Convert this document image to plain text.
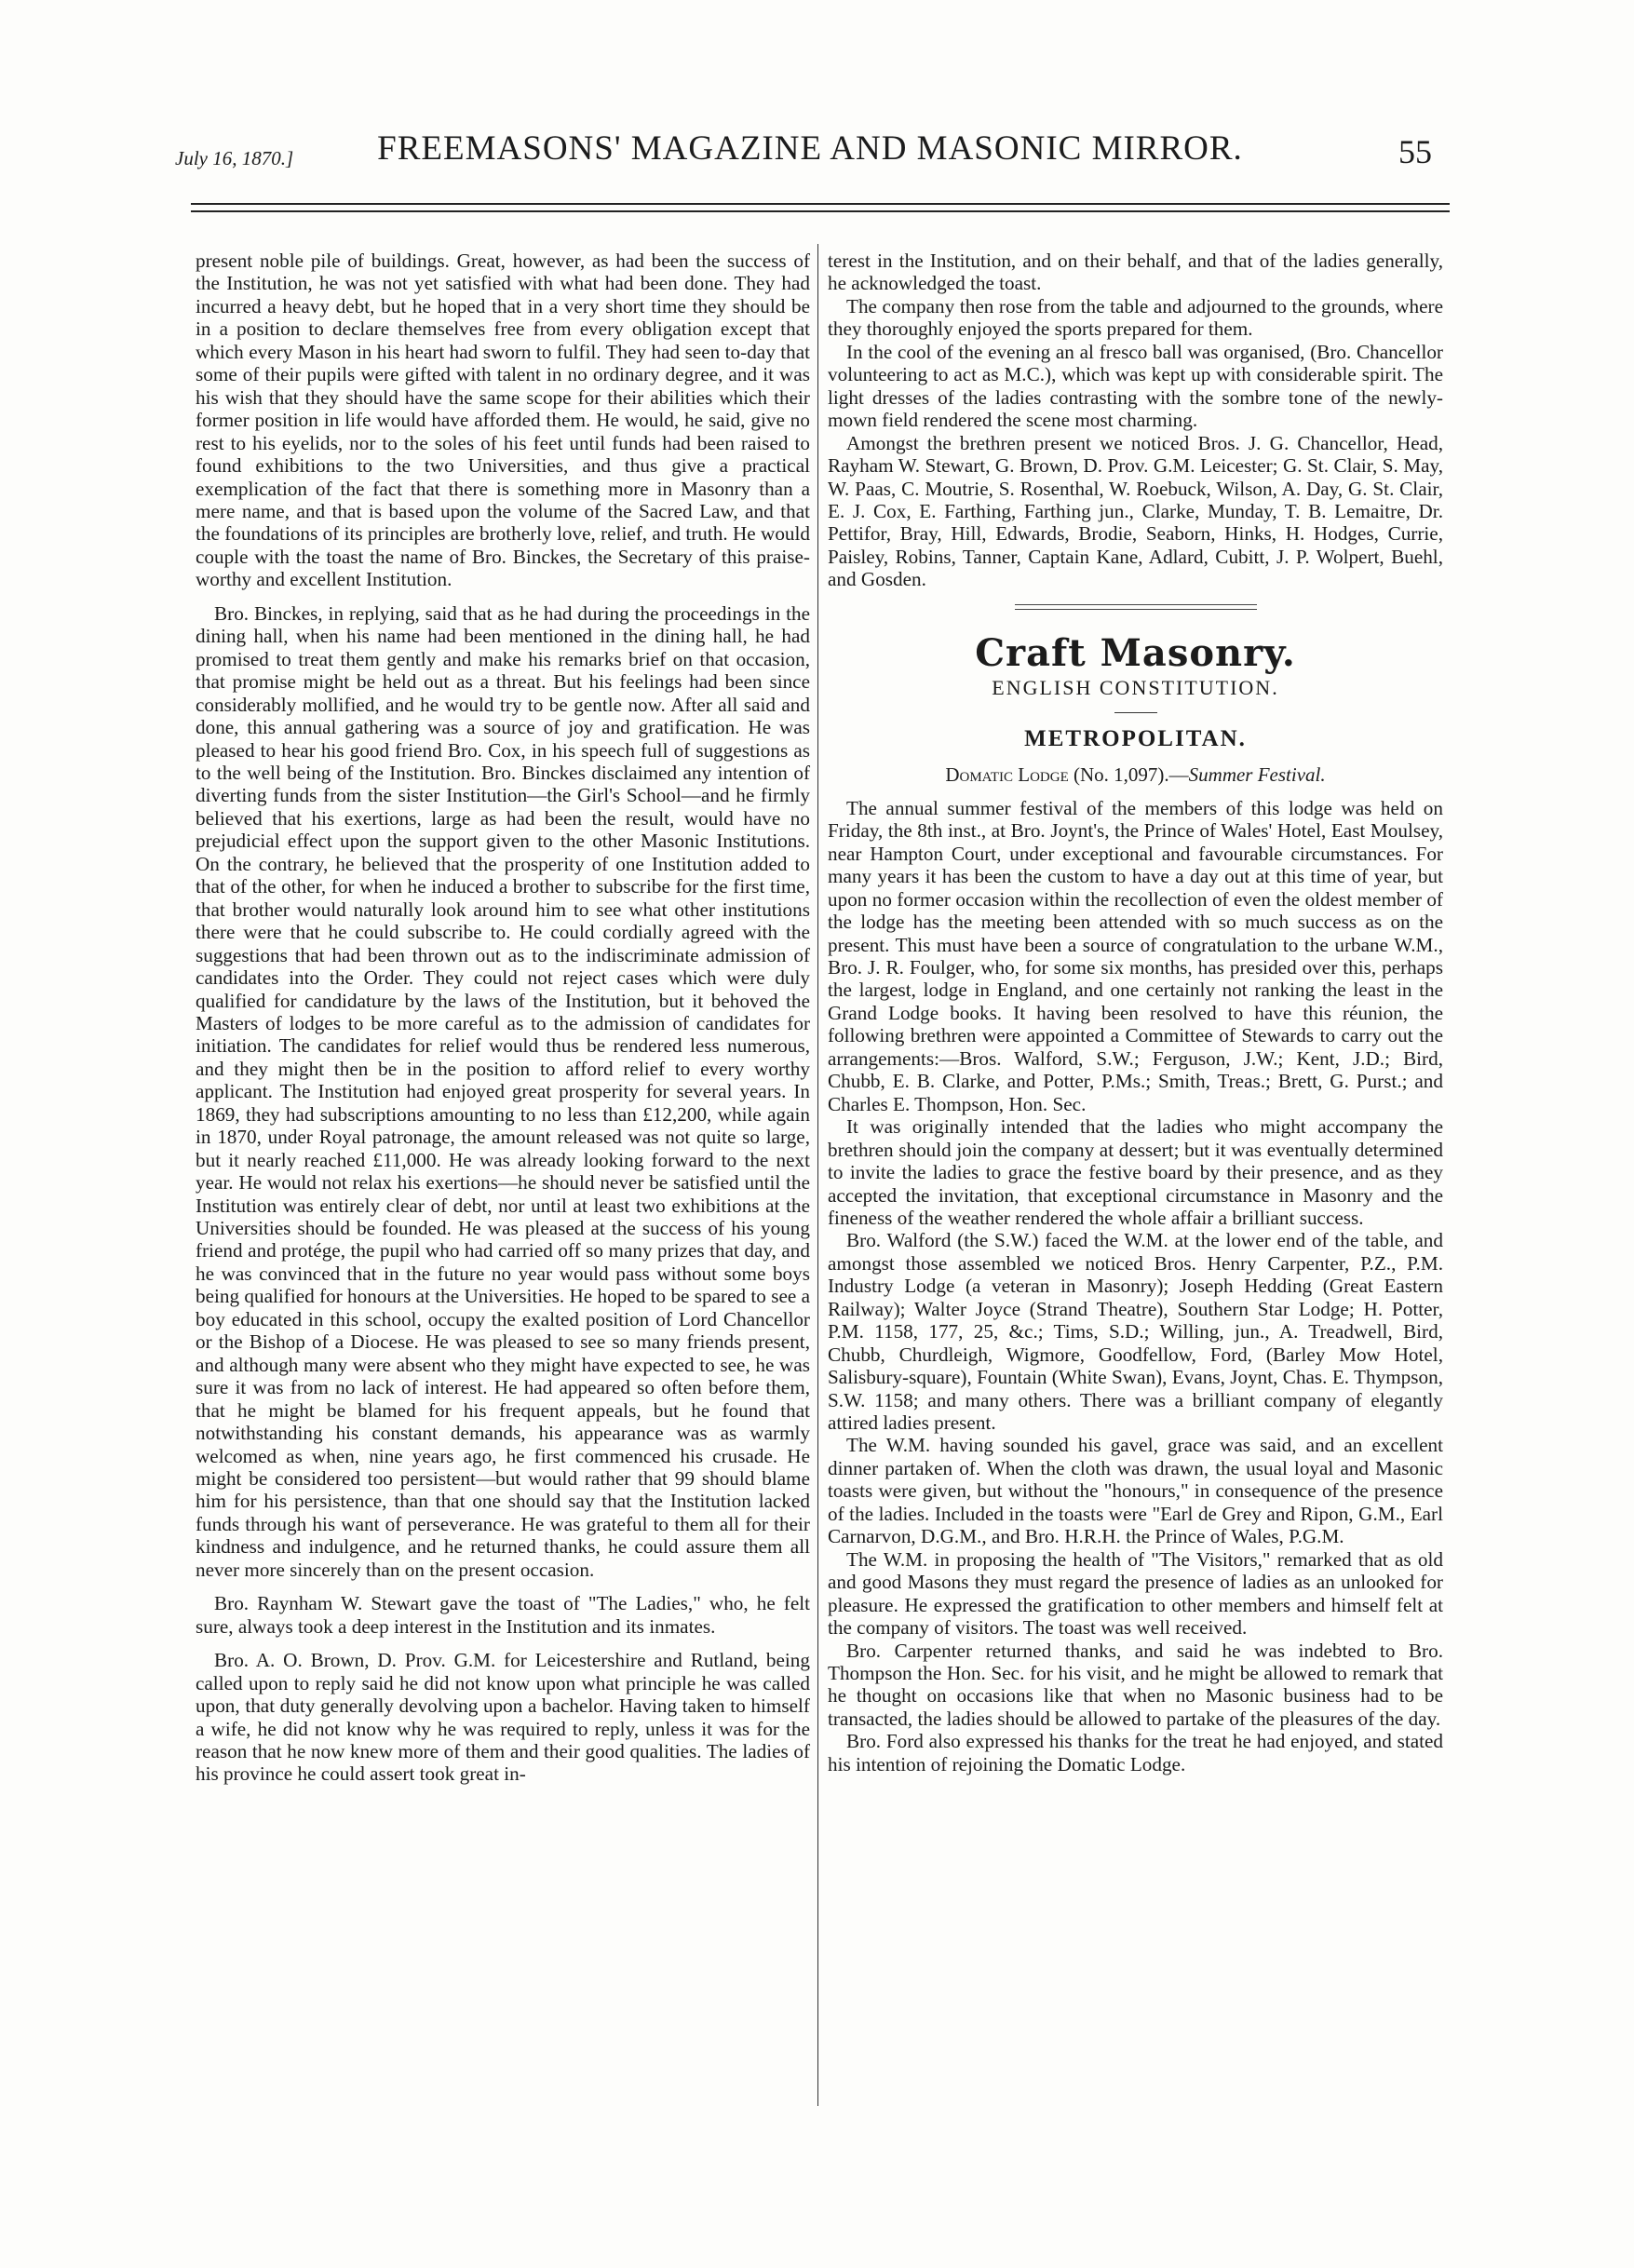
July 16, 1870.]	FREEMASONS' MAGAZINE AND MASONIC MIRROR.	55

present noble pile of buildings. Great, however, as had been the success of the Institution, he was not yet satisfied with what had been done. They had incurred a heavy debt, but he hoped that in a very short time they should be in a position to declare themselves free from every obligation except that which every Mason in his heart had sworn to fulfil. They had seen to-day that some of their pupils were gifted with talent in no ordinary degree, and it was his wish that they should have the same scope for their abilities which their former position in life would have afforded them. He would, he said, give no rest to his eyelids, nor to the soles of his feet until funds had been raised to found exhibitions to the two Universities, and thus give a practical exemplication of the fact that there is something more in Masonry than a mere name, and that is based upon the volume of the Sacred Law, and that the foundations of its principles are brotherly love, relief, and truth. He would couple with the toast the name of Bro. Binckes, the Secretary of this praise-worthy and excellent Institution.

Bro. Binckes, in replying, said that as he had during the proceedings in the dining hall, when his name had been mentioned in the dining hall, he had promised to treat them gently and make his remarks brief on that occasion, that promise might be held out as a threat. But his feelings had been since considerably mollified, and he would try to be gentle now. After all said and done, this annual gathering was a source of joy and gratification. He was pleased to hear his good friend Bro. Cox, in his speech full of suggestions as to the well being of the Institution. Bro. Binckes disclaimed any intention of diverting funds from the sister Institution—the Girl's School—and he firmly believed that his exertions, large as had been the result, would have no prejudicial effect upon the support given to the other Masonic Institutions. On the contrary, he believed that the prosperity of one Institution added to that of the other, for when he induced a brother to subscribe for the first time, that brother would naturally look around him to see what other institutions there were that he could subscribe to. He could cordially agreed with the suggestions that had been thrown out as to the indiscriminate admission of candidates into the Order. They could not reject cases which were duly qualified for candidature by the laws of the Institution, but it behoved the Masters of lodges to be more careful as to the admission of candidates for initiation. The candidates for relief would thus be rendered less numerous, and they might then be in the position to afford relief to every worthy applicant. The Institution had enjoyed great prosperity for several years. In 1869, they had subscriptions amounting to no less than £12,200, while again in 1870, under Royal patronage, the amount released was not quite so large, but it nearly reached £11,000. He was already looking forward to the next year. He would not relax his exertions—he should never be satisfied until the Institution was entirely clear of debt, nor until at least two exhibitions at the Universities should be founded. He was pleased at the success of his young friend and protége, the pupil who had carried off so many prizes that day, and he was convinced that in the future no year would pass without some boys being qualified for honours at the Universities. He hoped to be spared to see a boy educated in this school, occupy the exalted position of Lord Chancellor or the Bishop of a Diocese. He was pleased to see so many friends present, and although many were absent who they might have expected to see, he was sure it was from no lack of interest. He had appeared so often before them, that he might be blamed for his frequent appeals, but he found that notwithstanding his constant demands, his appearance was as warmly welcomed as when, nine years ago, he first commenced his crusade. He might be considered too persistent—but would rather that 99 should blame him for his persistence, than that one should say that the Institution lacked funds through his want of perseverance. He was grateful to them all for their kindness and indulgence, and he returned thanks, he could assure them all never more sincerely than on the present occasion.

Bro. Raynham W. Stewart gave the toast of "The Ladies," who, he felt sure, always took a deep interest in the Institution and its inmates.

Bro. A. O. Brown, D. Prov. G.M. for Leicestershire and Rutland, being called upon to reply said he did not know upon what principle he was called upon, that duty generally devolving upon a bachelor. Having taken to himself a wife, he did not know why he was required to reply, unless it was for the reason that he now knew more of them and their good qualities. The ladies of his province he could assert took great in-

terest in the Institution, and on their behalf, and that of the ladies generally, he acknowledged the toast.

The company then rose from the table and adjourned to the grounds, where they thoroughly enjoyed the sports prepared for them.

In the cool of the evening an al fresco ball was organised, (Bro. Chancellor volunteering to act as M.C.), which was kept up with considerable spirit. The light dresses of the ladies contrasting with the sombre tone of the newly-mown field rendered the scene most charming.

Amongst the brethren present we noticed Bros. J. G. Chancellor, Head, Rayham W. Stewart, G. Brown, D. Prov. G.M. Leicester; G. St. Clair, S. May, W. Paas, C. Moutrie, S. Rosenthal, W. Roebuck, Wilson, A. Day, G. St. Clair, E. J. Cox, E. Farthing, Farthing jun., Clarke, Munday, T. B. Lemaitre, Dr. Pettifor, Bray, Hill, Edwards, Brodie, Seaborn, Hinks, H. Hodges, Currie, Paisley, Robins, Tanner, Captain Kane, Adlard, Cubitt, J. P. Wolpert, Buehl, and Gosden.

Craft Masonry.
ENGLISH CONSTITUTION.
METROPOLITAN.
Domatic Lodge (No. 1,097).—Summer Festival.

The annual summer festival of the members of this lodge was held on Friday, the 8th inst., at Bro. Joynt's, the Prince of Wales' Hotel, East Moulsey, near Hampton Court, under exceptional and favourable circumstances. For many years it has been the custom to have a day out at this time of year, but upon no former occasion within the recollection of even the oldest member of the lodge has the meeting been attended with so much success as on the present. This must have been a source of congratulation to the urbane W.M., Bro. J. R. Foulger, who, for some six months, has presided over this, perhaps the largest, lodge in England, and one certainly not ranking the least in the Grand Lodge books. It having been resolved to have this réunion, the following brethren were appointed a Committee of Stewards to carry out the arrangements:—Bros. Walford, S.W.; Ferguson, J.W.; Kent, J.D.; Bird, Chubb, E. B. Clarke, and Potter, P.Ms.; Smith, Treas.; Brett, G. Purst.; and Charles E. Thompson, Hon. Sec.

It was originally intended that the ladies who might accompany the brethren should join the company at dessert; but it was eventually determined to invite the ladies to grace the festive board by their presence, and as they accepted the invitation, that exceptional circumstance in Masonry and the fineness of the weather rendered the whole affair a brilliant success.

Bro. Walford (the S.W.) faced the W.M. at the lower end of the table, and amongst those assembled we noticed Bros. Henry Carpenter, P.Z., P.M. Industry Lodge (a veteran in Masonry); Joseph Hedding (Great Eastern Railway); Walter Joyce (Strand Theatre), Southern Star Lodge; H. Potter, P.M. 1158, 177, 25, &c.; Tims, S.D.; Willing, jun., A. Treadwell, Bird, Chubb, Churdleigh, Wigmore, Goodfellow, Ford, (Barley Mow Hotel, Salisbury-square), Fountain (White Swan), Evans, Joynt, Chas. E. Thympson, S.W. 1158; and many others. There was a brilliant company of elegantly attired ladies present.

The W.M. having sounded his gavel, grace was said, and an excellent dinner partaken of. When the cloth was drawn, the usual loyal and Masonic toasts were given, but without the "honours," in consequence of the presence of the ladies. Included in the toasts were "Earl de Grey and Ripon, G.M., Earl Carnarvon, D.G.M., and Bro. H.R.H. the Prince of Wales, P.G.M.

The W.M. in proposing the health of "The Visitors," remarked that as old and good Masons they must regard the presence of ladies as an unlooked for pleasure. He expressed the gratification to other members and himself felt at the company of visitors. The toast was well received.

Bro. Carpenter returned thanks, and said he was indebted to Bro. Thompson the Hon. Sec. for his visit, and he might be allowed to remark that he thought on occasions like that when no Masonic business had to be transacted, the ladies should be allowed to partake of the pleasures of the day.

Bro. Ford also expressed his thanks for the treat he had enjoyed, and stated his intention of rejoining the Domatic Lodge.
